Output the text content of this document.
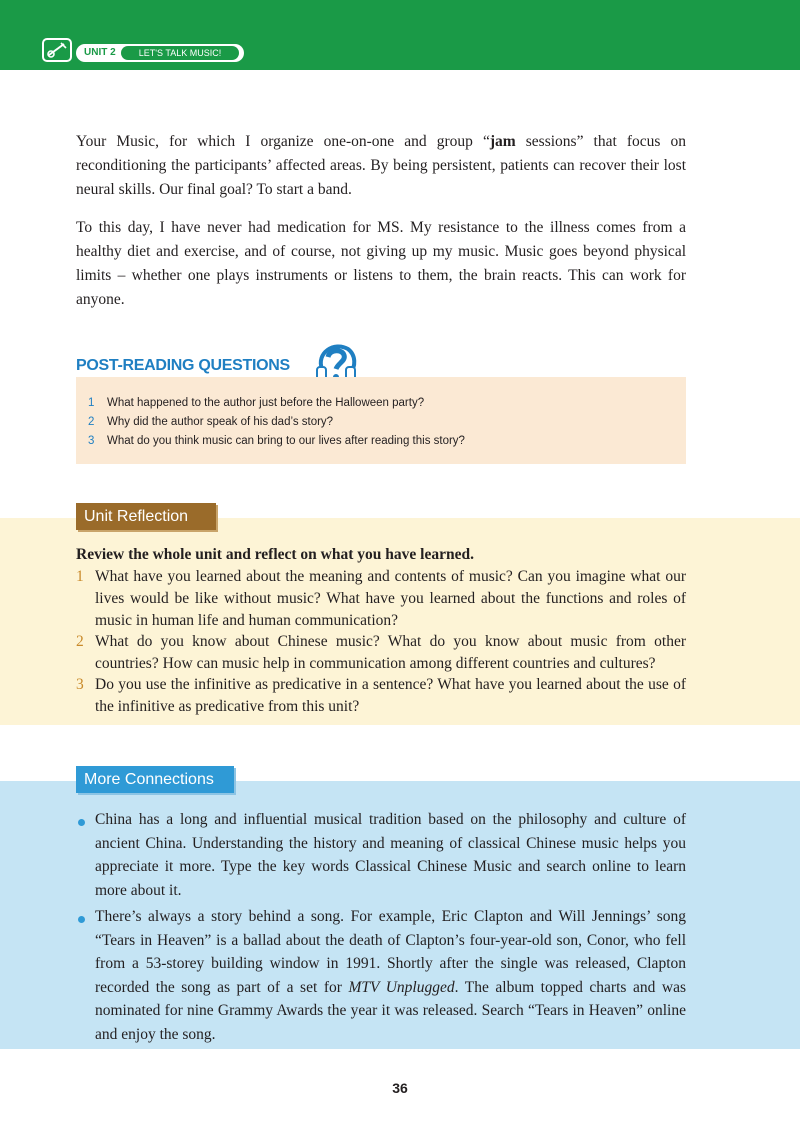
UNIT 2	LET'S TALK MUSIC!

Your Music, for which I organize one-on-one and group “jam sessions” that focus on reconditioning the participants’ affected areas. By being persistent, patients can recover their lost neural skills. Our final goal? To start a band.

To this day, I have never had medication for MS. My resistance to the illness comes from a healthy diet and exercise, and of course, not giving up my music. Music goes beyond physical limits – whether one plays instruments or listens to them, the brain reacts. This can work for anyone.

POST-READING QUESTIONS
1 What happened to the author just before the Halloween party?
2 Why did the author speak of his dad’s story?
3 What do you think music can bring to our lives after reading this story?
Unit Reflection
Review the whole unit and reflect on what you have learned.
1 What have you learned about the meaning and contents of music? Can you imagine what our lives would be like without music? What have you learned about the functions and roles of music in human life and human communication?

2 What do you know about Chinese music? What do you know about music from other countries? How can music help in communication among different countries and cultures?

3 Do you use the infinitive as predicative in a sentence? What have you learned about the use of the infinitive as predicative from this unit?

More Connections

China has a long and influential musical tradition based on the philosophy and culture of ancient China. Understanding the history and meaning of classical Chinese music helps you appreciate it more. Type the key words Classical Chinese Music and search online to learn more about it.

There’s always a story behind a song. For example, Eric Clapton and Will Jennings’ song “Tears in Heaven” is a ballad about the death of Clapton’s four-year-old son, Conor, who fell from a 53-storey building window in 1991. Shortly after the single was released, Clapton recorded the song as part of a set for MTV Unplugged. The album topped charts and was nominated for nine Grammy Awards the year it was released. Search “Tears in Heaven” online and enjoy the song.

36
